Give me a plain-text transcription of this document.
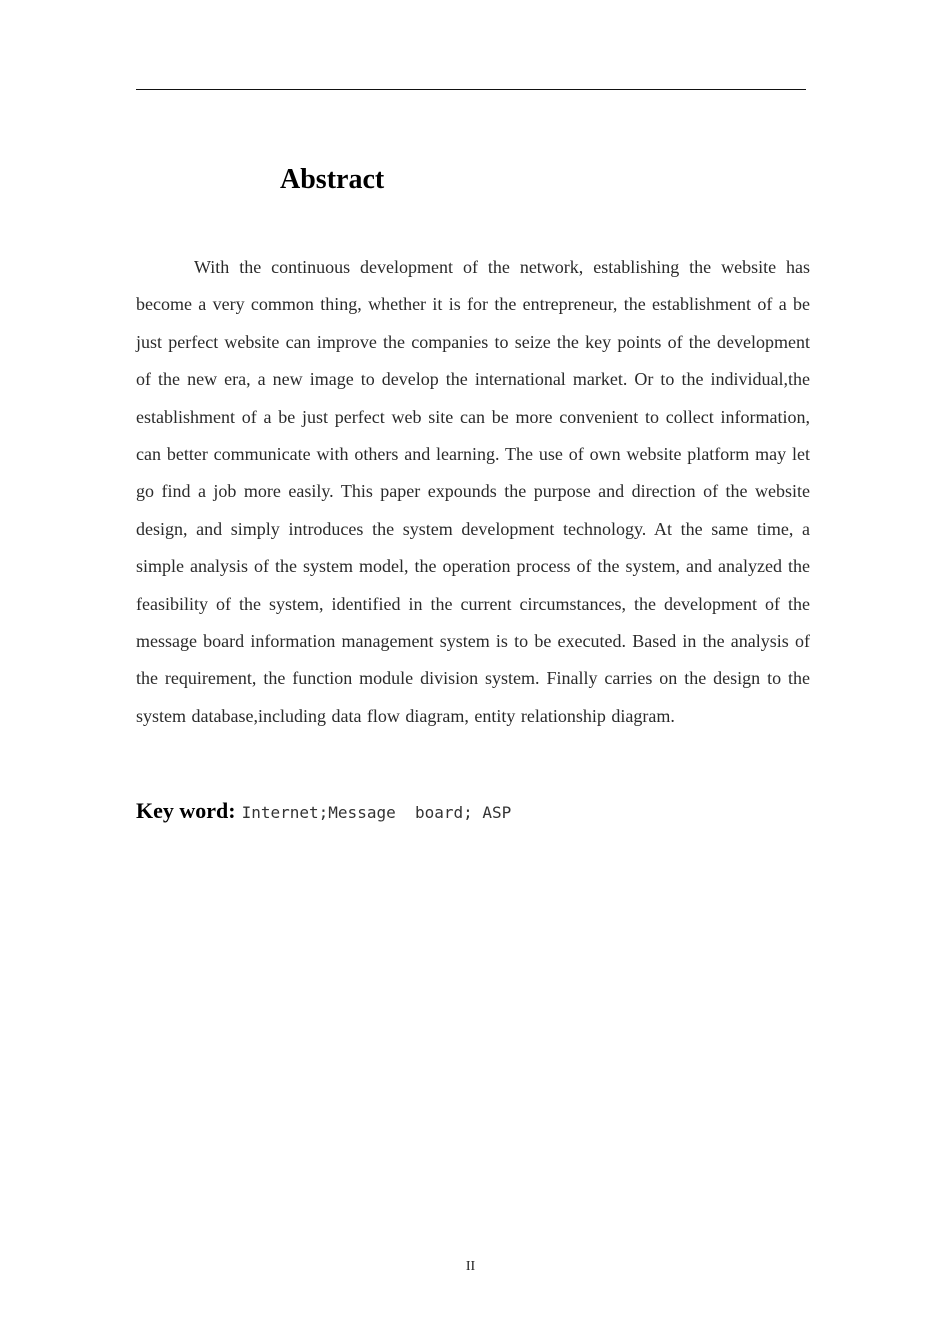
Abstract

With the continuous development of the network, establishing the website has become a very common thing, whether it is for the entrepreneur, the establishment of a be just perfect website can improve the companies to seize the key points of the development of the new era, a new image to develop the international market. Or to the individual,the establishment of a be just perfect web site can be more convenient to collect information, can better communicate with others and learning. The use of own website platform may let go find a job more easily. This paper expounds the purpose and direction of the website design, and simply introduces the system development technology. At the same time, a simple analysis of the system model, the operation process of the system, and analyzed the feasibility of the system, identified in the current circumstances, the development of the message board information management system is to be executed. Based in the analysis of the requirement, the function module division system. Finally carries on the design to the system database,including data flow diagram, entity relationship diagram.

Key word: Internet;Message  board; ASP
II
